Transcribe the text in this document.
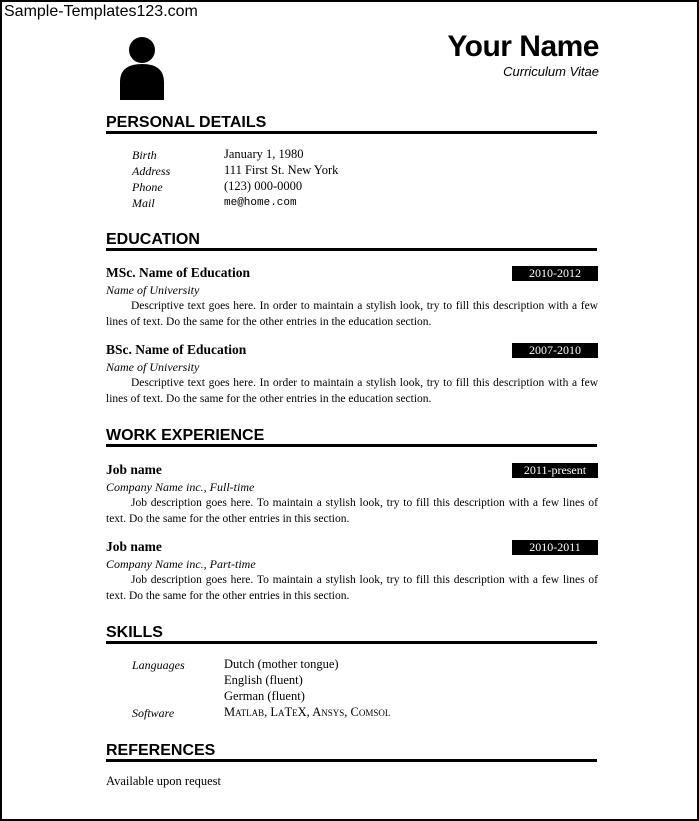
Sample-Templates123.com
Your Name
Curriculum Vitae
PERSONAL DETAILS
Birth	January 1, 1980
Address	111 First St. New York
Phone	(123) 000-0000
Mail	me@home.com
EDUCATION
MSc. Name of Education	2010-2012
Name of University
Descriptive text goes here. In order to maintain a stylish look, try to fill this description with a few lines of text. Do the same for the other entries in the education section.
BSc. Name of Education	2007-2010
Name of University
Descriptive text goes here. In order to maintain a stylish look, try to fill this description with a few lines of text. Do the same for the other entries in the education section.
WORK EXPERIENCE
Job name	2011-present
Company Name inc., Full-time
Job description goes here. To maintain a stylish look, try to fill this description with a few lines of text. Do the same for the other entries in this section.
Job name	2010-2011
Company Name inc., Part-time
Job description goes here. To maintain a stylish look, try to fill this description with a few lines of text. Do the same for the other entries in this section.
SKILLS
Languages	Dutch (mother tongue)
English (fluent)
German (fluent)
Software	Matlab, LaTeX, Ansys, Comsol
REFERENCES
Available upon request
